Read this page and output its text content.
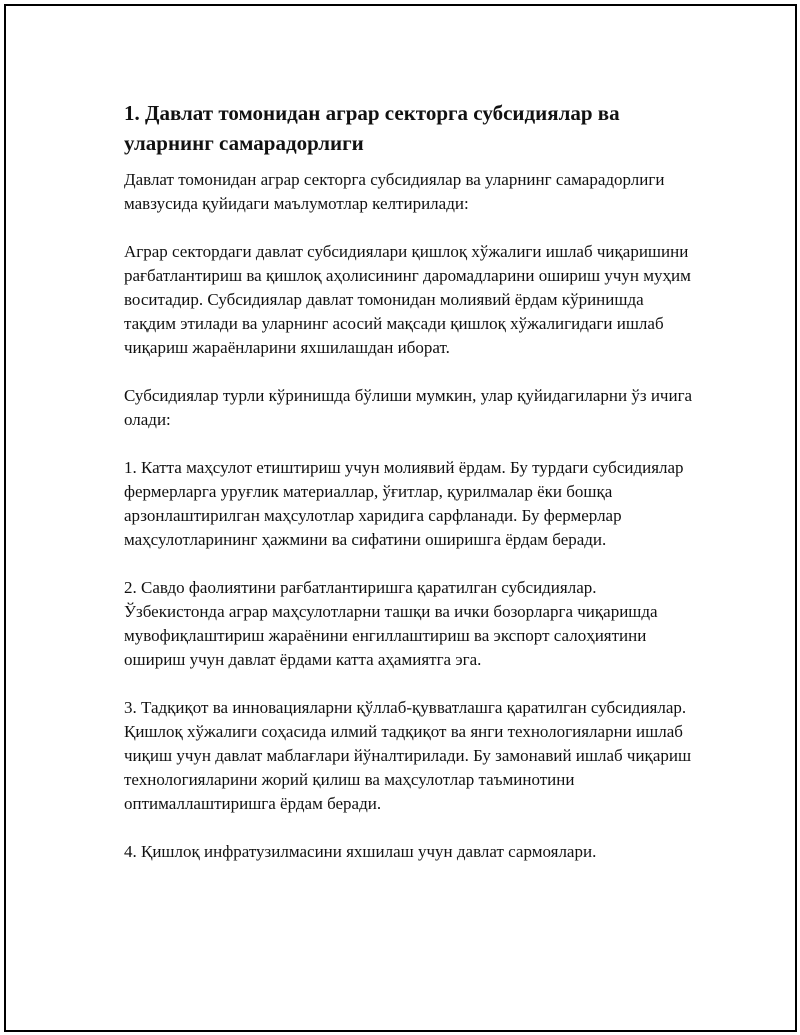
1. Давлат томонидан аграр секторга субсидиялар ва уларнинг самарадорлиги

Давлат томонидан аграр секторга субсидиялар ва уларнинг самарадорлиги мавзусида қуйидаги маълумотлар келтирилади:

Аграр сектордаги давлат субсидиялари қишлоқ хўжалиги ишлаб чиқаришини рағбатлантириш ва қишлоқ аҳолисининг даромадларини ошириш учун муҳим воситадир. Субсидиялар давлат томонидан молиявий ёрдам кўринишда тақдим этилади ва уларнинг асосий мақсади қишлоқ хўжалигидаги ишлаб чиқариш жараёнларини яхшилашдан иборат.

Субсидиялар турли кўринишда бўлиши мумкин, улар қуйидагиларни ўз ичига олади:

1. Катта маҳсулот етиштириш учун молиявий ёрдам. Бу турдаги субсидиялар фермерларга уруғлик материаллар, ўғитлар, қурилмалар ёки бошқа арзонлаштирилган маҳсулотлар харидига сарфланади. Бу фермерлар маҳсулотларининг ҳажмини ва сифатини оширишга ёрдам беради.

2. Савдо фаолиятини рағбатлантиришга қаратилган субсидиялар. Ўзбекистонда аграр маҳсулотларни ташқи ва ички бозорларга чиқаришда мувофиқлаштириш жараёнини енгиллаштириш ва экспорт салоҳиятини ошириш учун давлат ёрдами катта аҳамиятга эга.

3. Тадқиқот ва инновацияларни қўллаб-қувватлашга қаратилган субсидиялар. Қишлоқ хўжалиги соҳасида илмий тадқиқот ва янги технологияларни ишлаб чиқиш учун давлат маблағлари йўналтирилади. Бу замонавий ишлаб чиқариш технологияларини жорий қилиш ва маҳсулотлар таъминотини оптималлаштиришга ёрдам беради.

4. Қишлоқ инфратузилмасини яхшилаш учун давлат сармоялари.
